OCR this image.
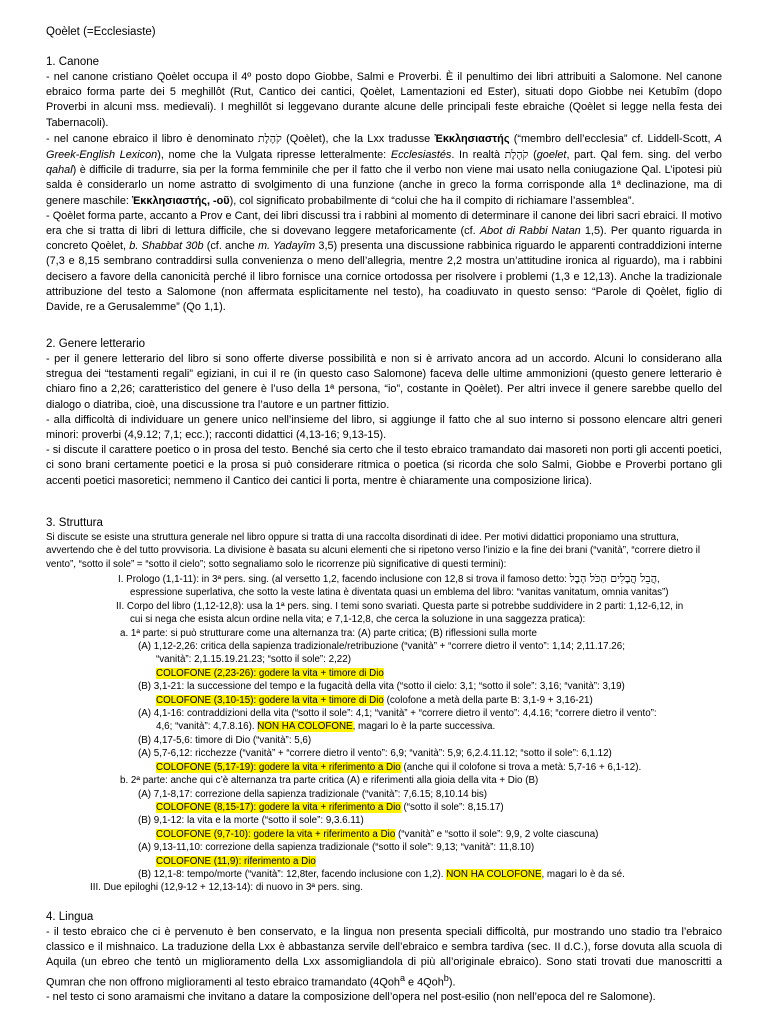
Qoèlet (=Ecclesiaste)
1. Canone

- nel canone cristiano Qoèlet occupa il 4º posto dopo Giobbe, Salmi e Proverbi. È il penultimo dei libri attribuiti a Salomone. Nel canone ebraico forma parte dei 5 meghillôt (Rut, Cantico dei cantici, Qoèlet, Lamentazioni ed Ester), situati dopo Giobbe nei Ketubîm (dopo Proverbi in alcuni mss. medievali). I meghillôt si leggevano durante alcune delle principali feste ebraiche (Qoèlet si legge nella festa dei Tabernacoli).

- nel canone ebraico il libro è denominato קֹהֶלֶת (Qoèlet), che la Lxx tradusse Ἐκκλησιαστής (“membro dell’ecclesia” cf. Liddell-Scott, A Greek-English Lexicon), nome che la Vulgata ripresse letteralmente: Ecclesiastés. In realtà קֹהֶלֶת (goelet, part. Qal fem. sing. del verbo qahal) è difficile di tradurre, sia per la forma femminile che per il fatto che il verbo non viene mai usato nella coniugazione Qal. L’ipotesi più salda è considerarlo un nome astratto di svolgimento di una funzione (anche in greco la forma corrisponde alla 1ª declinazione, ma di genere maschile: Ἐκκλησιαστής, -οῦ), col significato probabilmente di “colui che ha il compito di richiamare l’assemblea”.

- Qoèlet forma parte, accanto a Prov e Cant, dei libri discussi tra i rabbini al momento di determinare il canone dei libri sacri ebraici. Il motivo era che si tratta di libri di lettura difficile, che si dovevano leggere metaforicamente (cf. Abot di Rabbi Natan 1,5). Per quanto riguarda in concreto Qoèlet, b. Shabbat 30b (cf. anche m. Yadayîm 3,5) presenta una discussione rabbinica riguardo le apparenti contraddizioni interne (7,3 e 8,15 sembrano contraddirsi sulla convenienza o meno dell’allegria, mentre 2,2 mostra un’attitudine ironica al riguardo), ma i rabbini decisero a favore della canonicità perché il libro fornisce una cornice ortodossa per risolvere i problemi (1,3 e 12,13). Anche la tradizionale attribuzione del testo a Salomone (non affermata esplicitamente nel testo), ha coadiuvato in questo senso: “Parole di Qoèlet, figlio di Davide, re a Gerusalemme” (Qo 1,1).

2. Genere letterario

- per il genere letterario del libro si sono offerte diverse possibilità e non si è arrivato ancora ad un accordo. Alcuni lo considerano alla stregua dei “testamenti regali” egiziani, in cui il re (in questo caso Salomone) faceva delle ultime ammonizioni (questo genere letterario è chiaro fino a 2,26; caratteristico del genere è l’uso della 1ª persona, “io”, costante in Qoèlet). Per altri invece il genere sarebbe quello del dialogo o diatriba, cioè, una discussione tra l’autore e un partner fittizio.

- alla difficoltà di individuare un genere unico nell’insieme del libro, si aggiunge il fatto che al suo interno si possono elencare altri generi minori: proverbi (4,9.12; 7,1; ecc.); racconti didattici (4,13-16; 9,13-15).

- si discute il carattere poetico o in prosa del testo. Benché sia certo che il testo ebraico tramandato dai masoreti non porti gli accenti poetici, ci sono brani certamente poetici e la prosa si può considerare ritmica o poetica (si ricorda che solo Salmi, Giobbe e Proverbi portano gli accenti poetici masoretici; nemmeno il Cantico dei cantici li porta, mentre è chiaramente una composizione lirica).

3. Struttura

Si discute se esiste una struttura generale nel libro oppure si tratta di una raccolta disordinati di idee. Per motivi didattici proponiamo una struttura, avvertendo che è del tutto provvisoria. La divisione è basata su alcuni elementi che si ripetono verso l’inizio e la fine dei brani (“vanità”, “correre dietro il vento”, “sotto il sole” = “sotto il cielo”; sotto segnaliamo solo le ricorrenze più significative di questi termini):

I. Prologo (1,1-11): in 3ª pers. sing. (al versetto 1,2, facendo inclusione con 12,8 si trova il famoso detto: הֲבֵל הֲבָלִים הַכֹּל הָבֶל,
espressione superlativa, che sotto la veste latina è diventata quasi un emblema del libro: “vanitas vanitatum, omnia vanitas”)
II. Corpo del libro (1,12-12,8): usa la 1ª pers. sing. I temi sono svariati. Questa parte si potrebbe suddividere in 2 parti: 1,12-6,12, in
cui si nega che esista alcun ordine nella vita; e 7,1-12,8, che cerca la soluzione in una saggezza pratica):
a. 1ª parte: si può strutturare come una alternanza tra: (A) parte critica; (B) riflessioni sulla morte
(A) 1,12-2,26: critica della sapienza tradizionale/retribuzione (“vanità” + “correre dietro il vento”: 1,14; 2,11.17.26;
“vanità”: 2,1.15.19.21.23; “sotto il sole”: 2,22)
COLOFONE (2,23-26): godere la vita + timore di Dio
(B) 3,1-21: la successione del tempo e la fugacità della vita (“sotto il cielo: 3,1; “sotto il sole”: 3,16; “vanità”: 3,19)
COLOFONE (3,10-15): godere la vita + timore di Dio (colofone a metà della parte B: 3,1-9 + 3,16-21)
(A) 4,1-16: contraddizioni della vita (“sotto il sole”: 4,1; “vanità” + “correre dietro il vento”: 4,4.16; “correre dietro il vento”:
4,6; “vanità”: 4,7.8.16). NON HA COLOFONE, magari lo è la parte successiva.
(B) 4,17-5,6: timore di Dio (“vanità”: 5,6)
(A) 5,7-6,12: ricchezze (“vanità” + “correre dietro il vento”: 6,9; “vanità”: 5,9; 6,2.4.11.12; “sotto il sole”: 6,1.12)
COLOFONE (5,17-19): godere la vita + riferimento a Dio (anche qui il colofone si trova a metà: 5,7-16 + 6,1-12).
b. 2ª parte: anche qui c’è alternanza tra parte critica (A) e riferimenti alla gioia della vita + Dio (B)
(A) 7,1-8,17: correzione della sapienza tradizionale (“vanità”: 7,6.15; 8,10.14 bis)
COLOFONE (8,15-17): godere la vita + riferimento a Dio (“sotto il sole”: 8,15.17)
(B) 9,1-12: la vita e la morte (“sotto il sole”: 9,3.6.11)
COLOFONE (9,7-10): godere la vita + riferimento a Dio (“vanità” e “sotto il sole”: 9,9, 2 volte ciascuna)
(A) 9,13-11,10: correzione della sapienza tradizionale (“sotto il sole”: 9,13; “vanità”: 11,8.10)
COLOFONE (11,9): riferimento a Dio
(B) 12,1-8: tempo/morte (“vanità”: 12,8ter, facendo inclusione con 1,2). NON HA COLOFONE, magari lo è da sé.
III. Due epiloghi (12,9-12 + 12,13-14): di nuovo in 3ª pers. sing.
4. Lingua

- il testo ebraico che ci è pervenuto è ben conservato, e la lingua non presenta speciali difficoltà, pur mostrando uno stadio tra l’ebraico classico e il mishnaico. La traduzione della Lxx è abbastanza servile dell’ebraico e sembra tardiva (sec. II d.C.), forse dovuta alla scuola di Aquila (un ebreo che tentò un miglioramento della Lxx assomigliandola di più all’originale ebraico). Sono stati trovati due manoscritti a Qumran che non offrono miglioramenti al testo ebraico tramandato (4Qoh$^a$ e 4Qoh$^b$).

- nel testo ci sono aramaismi che invitano a datare la composizione dell’opera nel post-esilio (non nell’epoca del re Salomone).
